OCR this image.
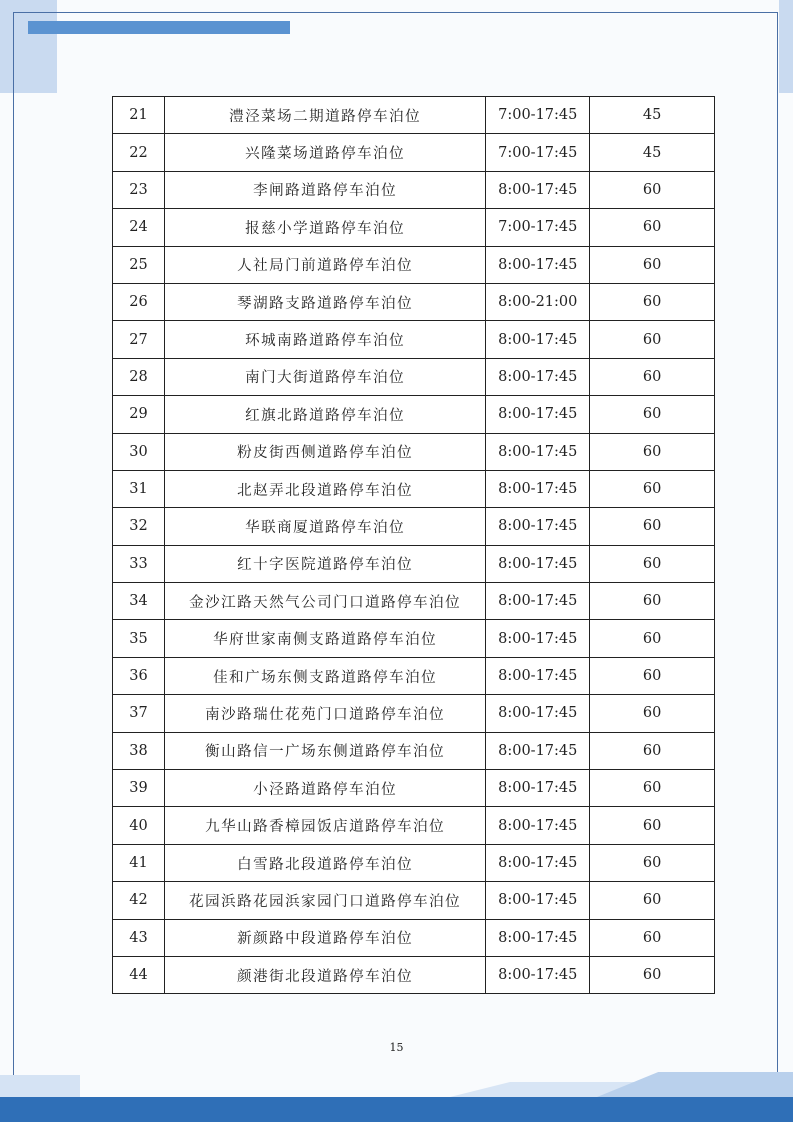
21	澧泾菜场二期道路停车泊位	7:00-17:45	45
22	兴隆菜场道路停车泊位	7:00-17:45	45
23	李闸路道路停车泊位	8:00-17:45	60
24	报慈小学道路停车泊位	7:00-17:45	60
25	人社局门前道路停车泊位	8:00-17:45	60
26	琴湖路支路道路停车泊位	8:00-21:00	60
27	环城南路道路停车泊位	8:00-17:45	60
28	南门大街道路停车泊位	8:00-17:45	60
29	红旗北路道路停车泊位	8:00-17:45	60
30	粉皮街西侧道路停车泊位	8:00-17:45	60
31	北赵弄北段道路停车泊位	8:00-17:45	60
32	华联商厦道路停车泊位	8:00-17:45	60
33	红十字医院道路停车泊位	8:00-17:45	60
34	金沙江路天然气公司门口道路停车泊位	8:00-17:45	60
35	华府世家南侧支路道路停车泊位	8:00-17:45	60
36	佳和广场东侧支路道路停车泊位	8:00-17:45	60
37	南沙路瑞仕花苑门口道路停车泊位	8:00-17:45	60
38	衡山路信一广场东侧道路停车泊位	8:00-17:45	60
39	小泾路道路停车泊位	8:00-17:45	60
40	九华山路香樟园饭店道路停车泊位	8:00-17:45	60
41	白雪路北段道路停车泊位	8:00-17:45	60
42	花园浜路花园浜家园门口道路停车泊位	8:00-17:45	60
43	新颜路中段道路停车泊位	8:00-17:45	60
44	颜港街北段道路停车泊位	8:00-17:45	60
15
